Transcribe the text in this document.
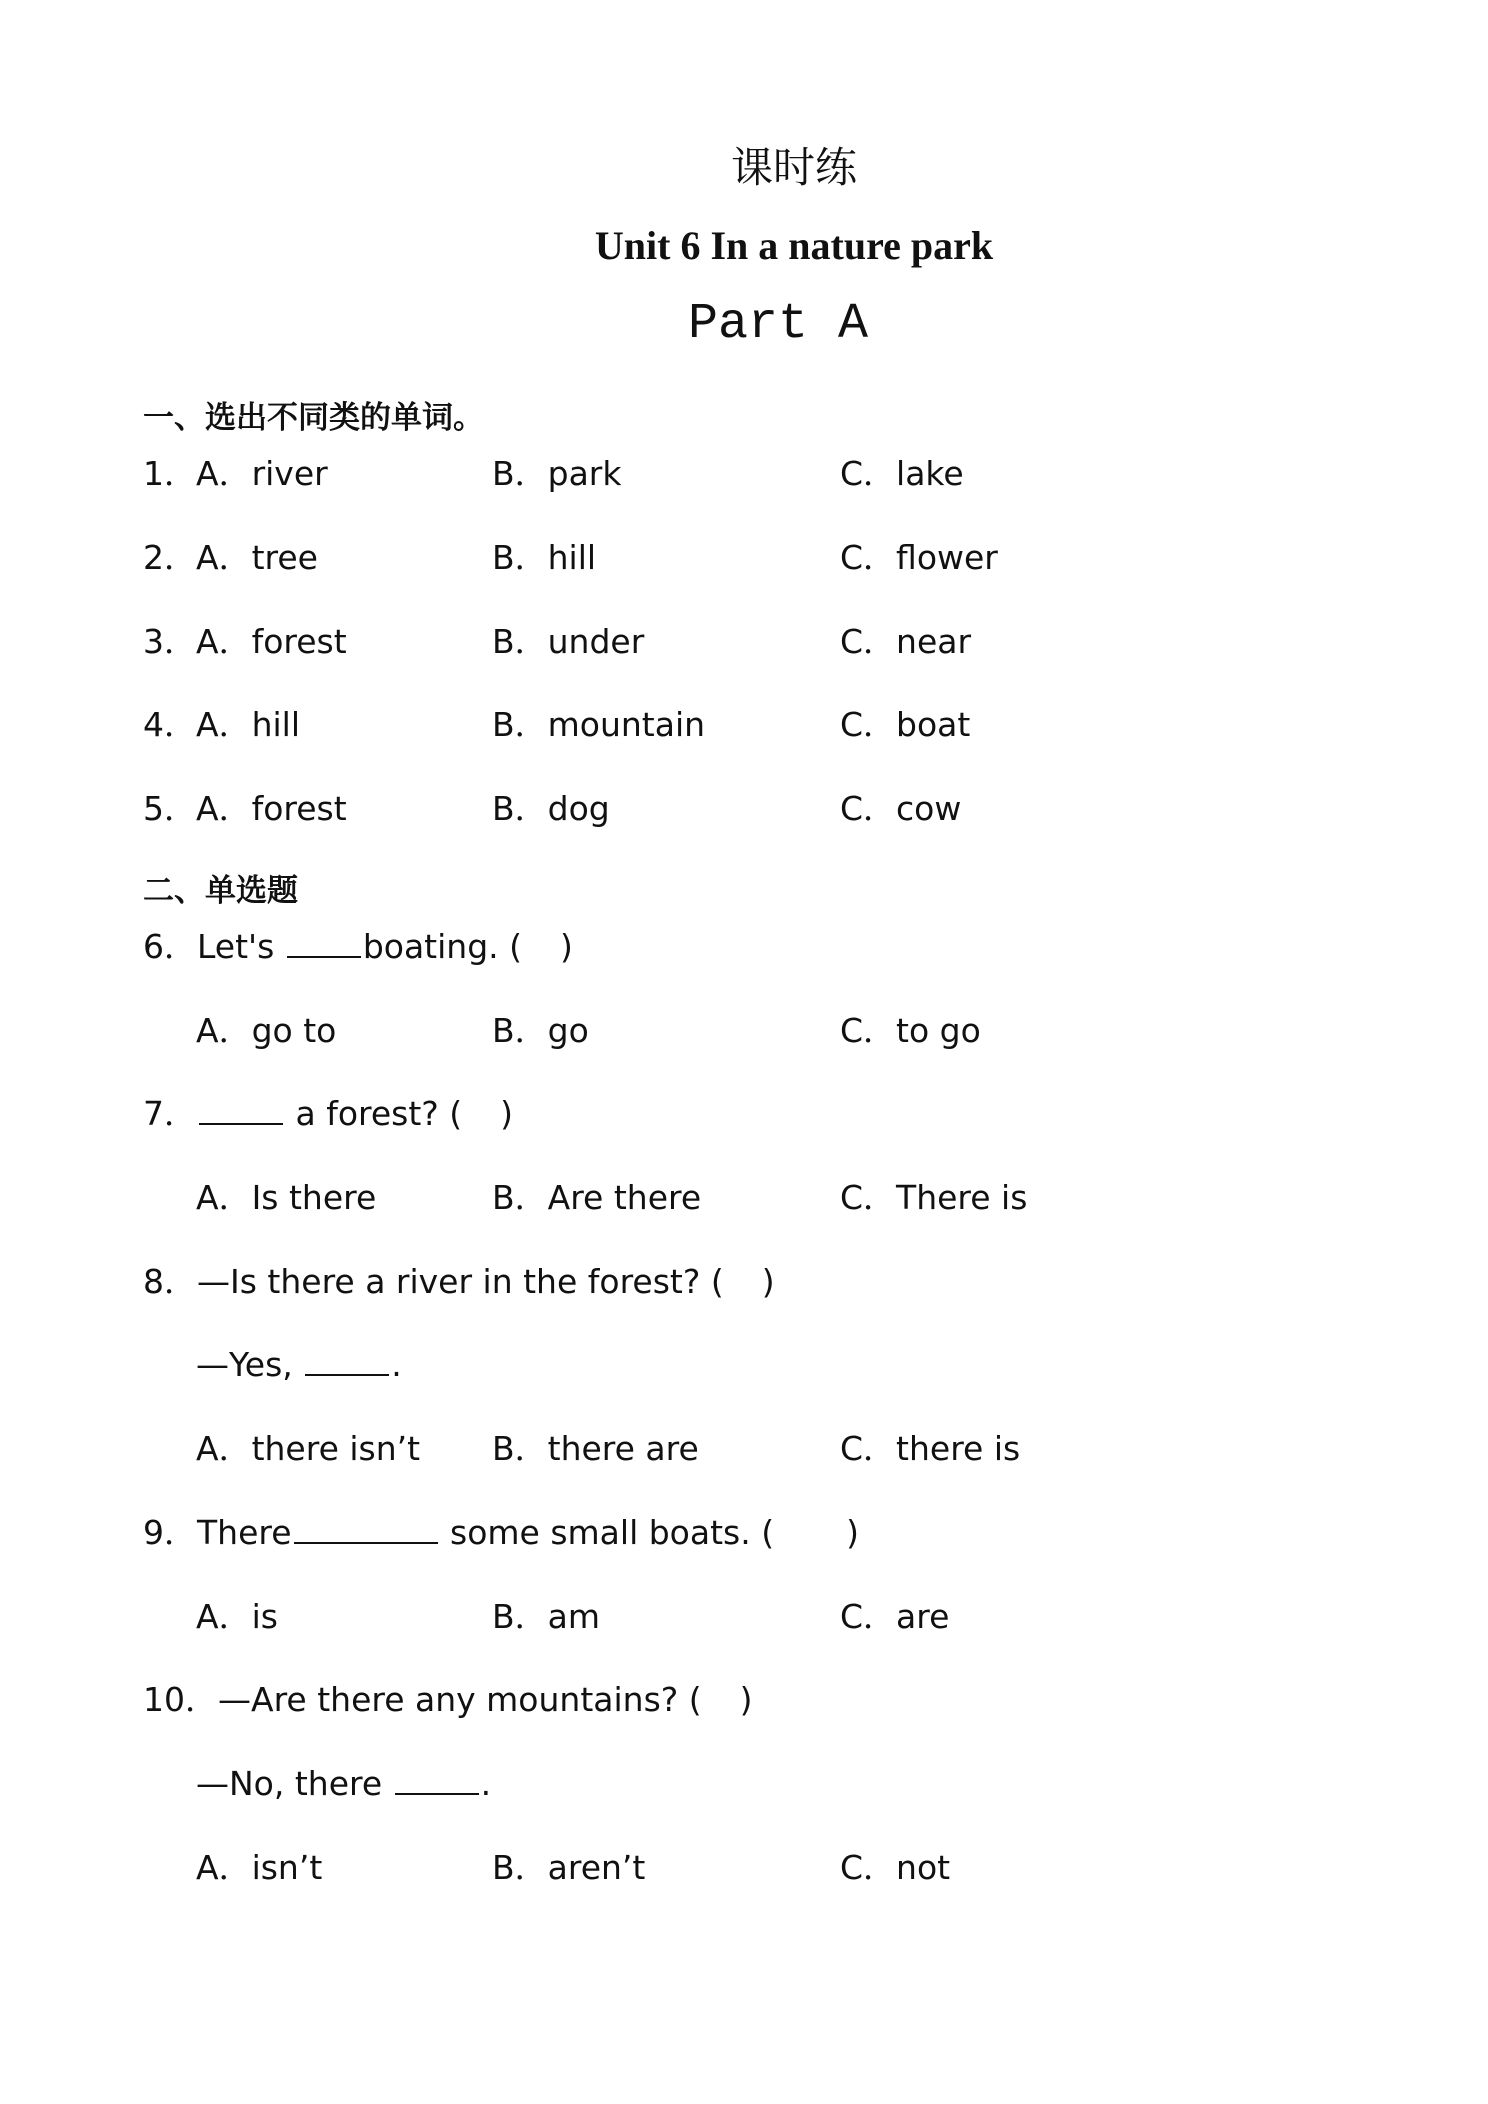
课时练
Unit 6 In a nature park
Part A
一、选出不同类的单词。
1． A．river	B．park	C．lake
2． A．tree	B．hill	C．flower
3． A．forest	B．under	C．near
4． A．hill	B．mountain	C．boat
5． A．forest	B．dog	C．cow
二、单选题
6．Let's boating. ( )
A．go to	B．go	C．to go
7．	a forest? ( )
A．Is there	B．Are there	C．There is
8．—Is there a river in the forest? ( )
—Yes,	.
A．there isn’t B．there are	C．there is
9．There	some small boats. ( )
A．is	B．am	C．are
10．—Are there any mountains? ( )
—No, there	.
A．isn’t	B．aren’t	C．not
